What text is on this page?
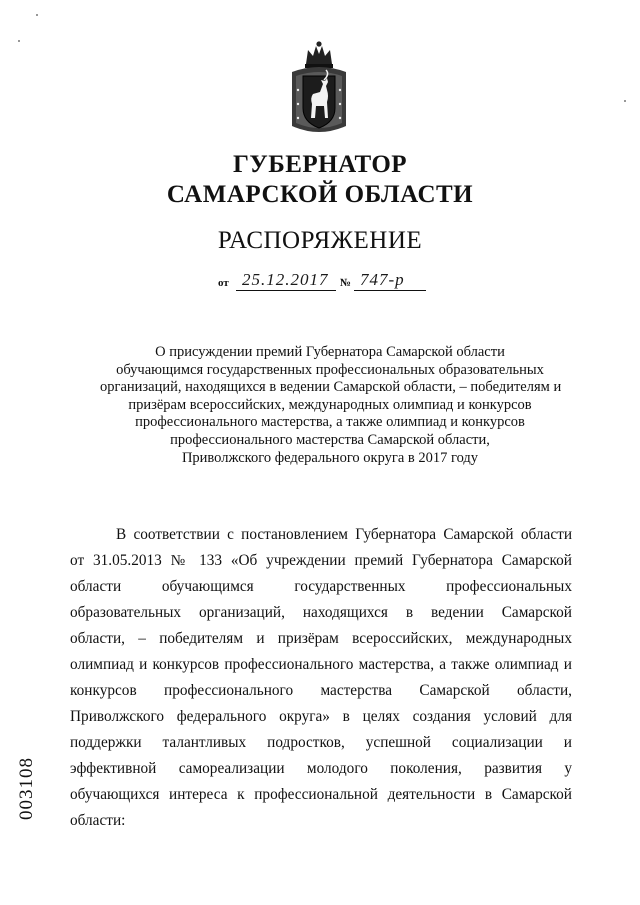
ГУБЕРНАТОР
САМАРСКОЙ ОБЛАСТИ
РАСПОРЯЖЕНИЕ
от 25.12.2017 № 747-р
О присуждении премий Губернатора Самарской области
обучающимся государственных профессиональных образовательных
организаций, находящихся в ведении Самарской области, – победителям и
призёрам всероссийских, международных олимпиад и конкурсов
профессионального мастерства, а также олимпиад и конкурсов
профессионального мастерства Самарской области,
Приволжского федерального округа в 2017 году
В соответствии с постановлением Губернатора Самарской области
от 31.05.2013 № 133 «Об учреждении премий Губернатора Самарской
области обучающимся государственных профессиональных
образовательных организаций, находящихся в ведении Самарской
области, – победителям и призёрам всероссийских, международных
олимпиад и конкурсов профессионального мастерства, а также олимпиад и
конкурсов профессионального мастерства Самарской области,
Приволжского федерального округа» в целях создания условий для
поддержки талантливых подростков, успешной социализации и
эффективной самореализации молодого поколения, развития у
обучающихся интереса к профессиональной деятельности в Самарской
области:
003108
